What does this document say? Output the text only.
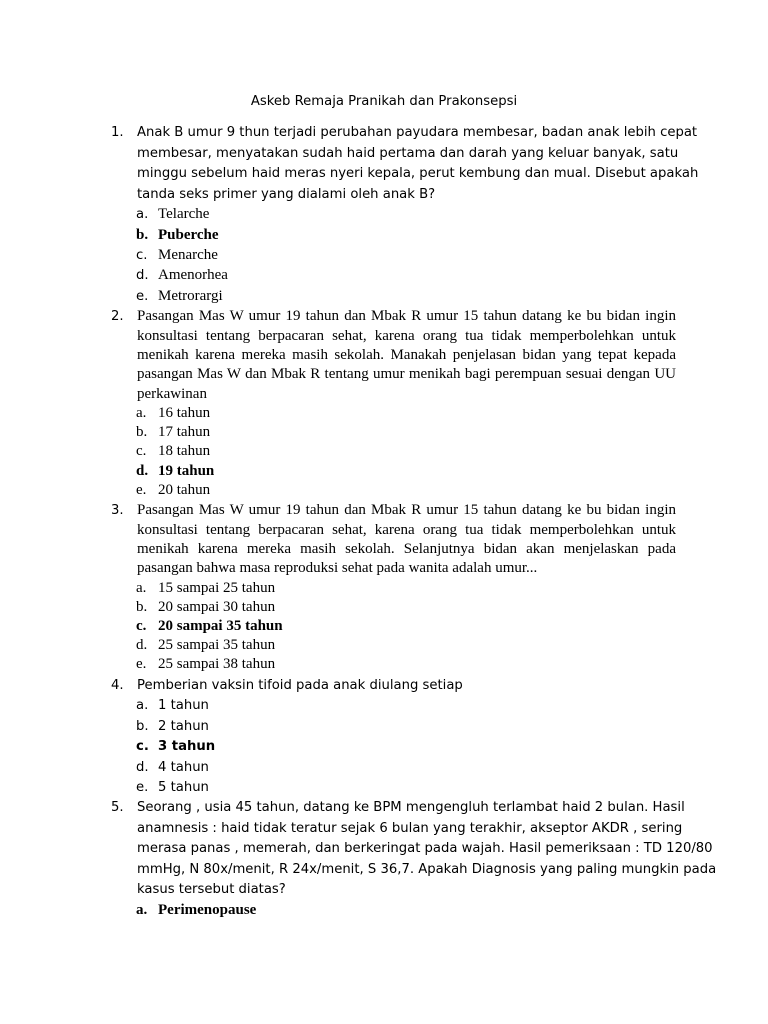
Askeb Remaja Pranikah dan Prakonsepsi
1.	Anak B umur 9 thun terjadi perubahan payudara membesar, badan anak lebih cepat
membesar, menyatakan sudah haid pertama dan darah yang keluar banyak, satu
minggu sebelum haid meras nyeri kepala, perut kembung dan mual. Disebut apakah
tanda seks primer yang dialami oleh anak B?
a. Telarche
b. Puberche
c. Menarche
d. Amenorhea
e. Metrorargi
2. Pasangan Mas W umur 19 tahun dan Mbak R umur 15 tahun datang ke bu bidan ingin
konsultasi tentang berpacaran sehat, karena orang tua tidak memperbolehkan untuk
menikah karena mereka masih sekolah. Manakah penjelasan bidan yang tepat kepada
pasangan Mas W dan Mbak R tentang umur menikah bagi perempuan sesuai dengan UU
perkawinan
a. 16 tahun
b. 17 tahun
c. 18 tahun
d. 19 tahun
e. 20 tahun
3. Pasangan Mas W umur 19 tahun dan Mbak R umur 15 tahun datang ke bu bidan ingin
konsultasi tentang berpacaran sehat, karena orang tua tidak memperbolehkan untuk
menikah karena mereka masih sekolah. Selanjutnya bidan akan menjelaskan pada
pasangan bahwa masa reproduksi sehat pada wanita adalah umur...
a. 15 sampai 25 tahun
b. 20 sampai 30 tahun
c. 20 sampai 35 tahun
d. 25 sampai 35 tahun
e. 25 sampai 38 tahun
4.	Pemberian vaksin tifoid pada anak diulang setiap
a. 1 tahun
b. 2 tahun
c. 3 tahun
d. 4 tahun
e. 5 tahun
5.	Seorang , usia 45 tahun, datang ke BPM mengengluh terlambat haid 2 bulan. Hasil
anamnesis : haid tidak teratur sejak 6 bulan yang terakhir, akseptor AKDR , sering
merasa panas , memerah, dan berkeringat pada wajah. Hasil pemeriksaan : TD 120/80
mmHg, N 80x/menit, R 24x/menit, S 36,7. Apakah Diagnosis yang paling mungkin pada
kasus tersebut diatas?
a. Perimenopause
